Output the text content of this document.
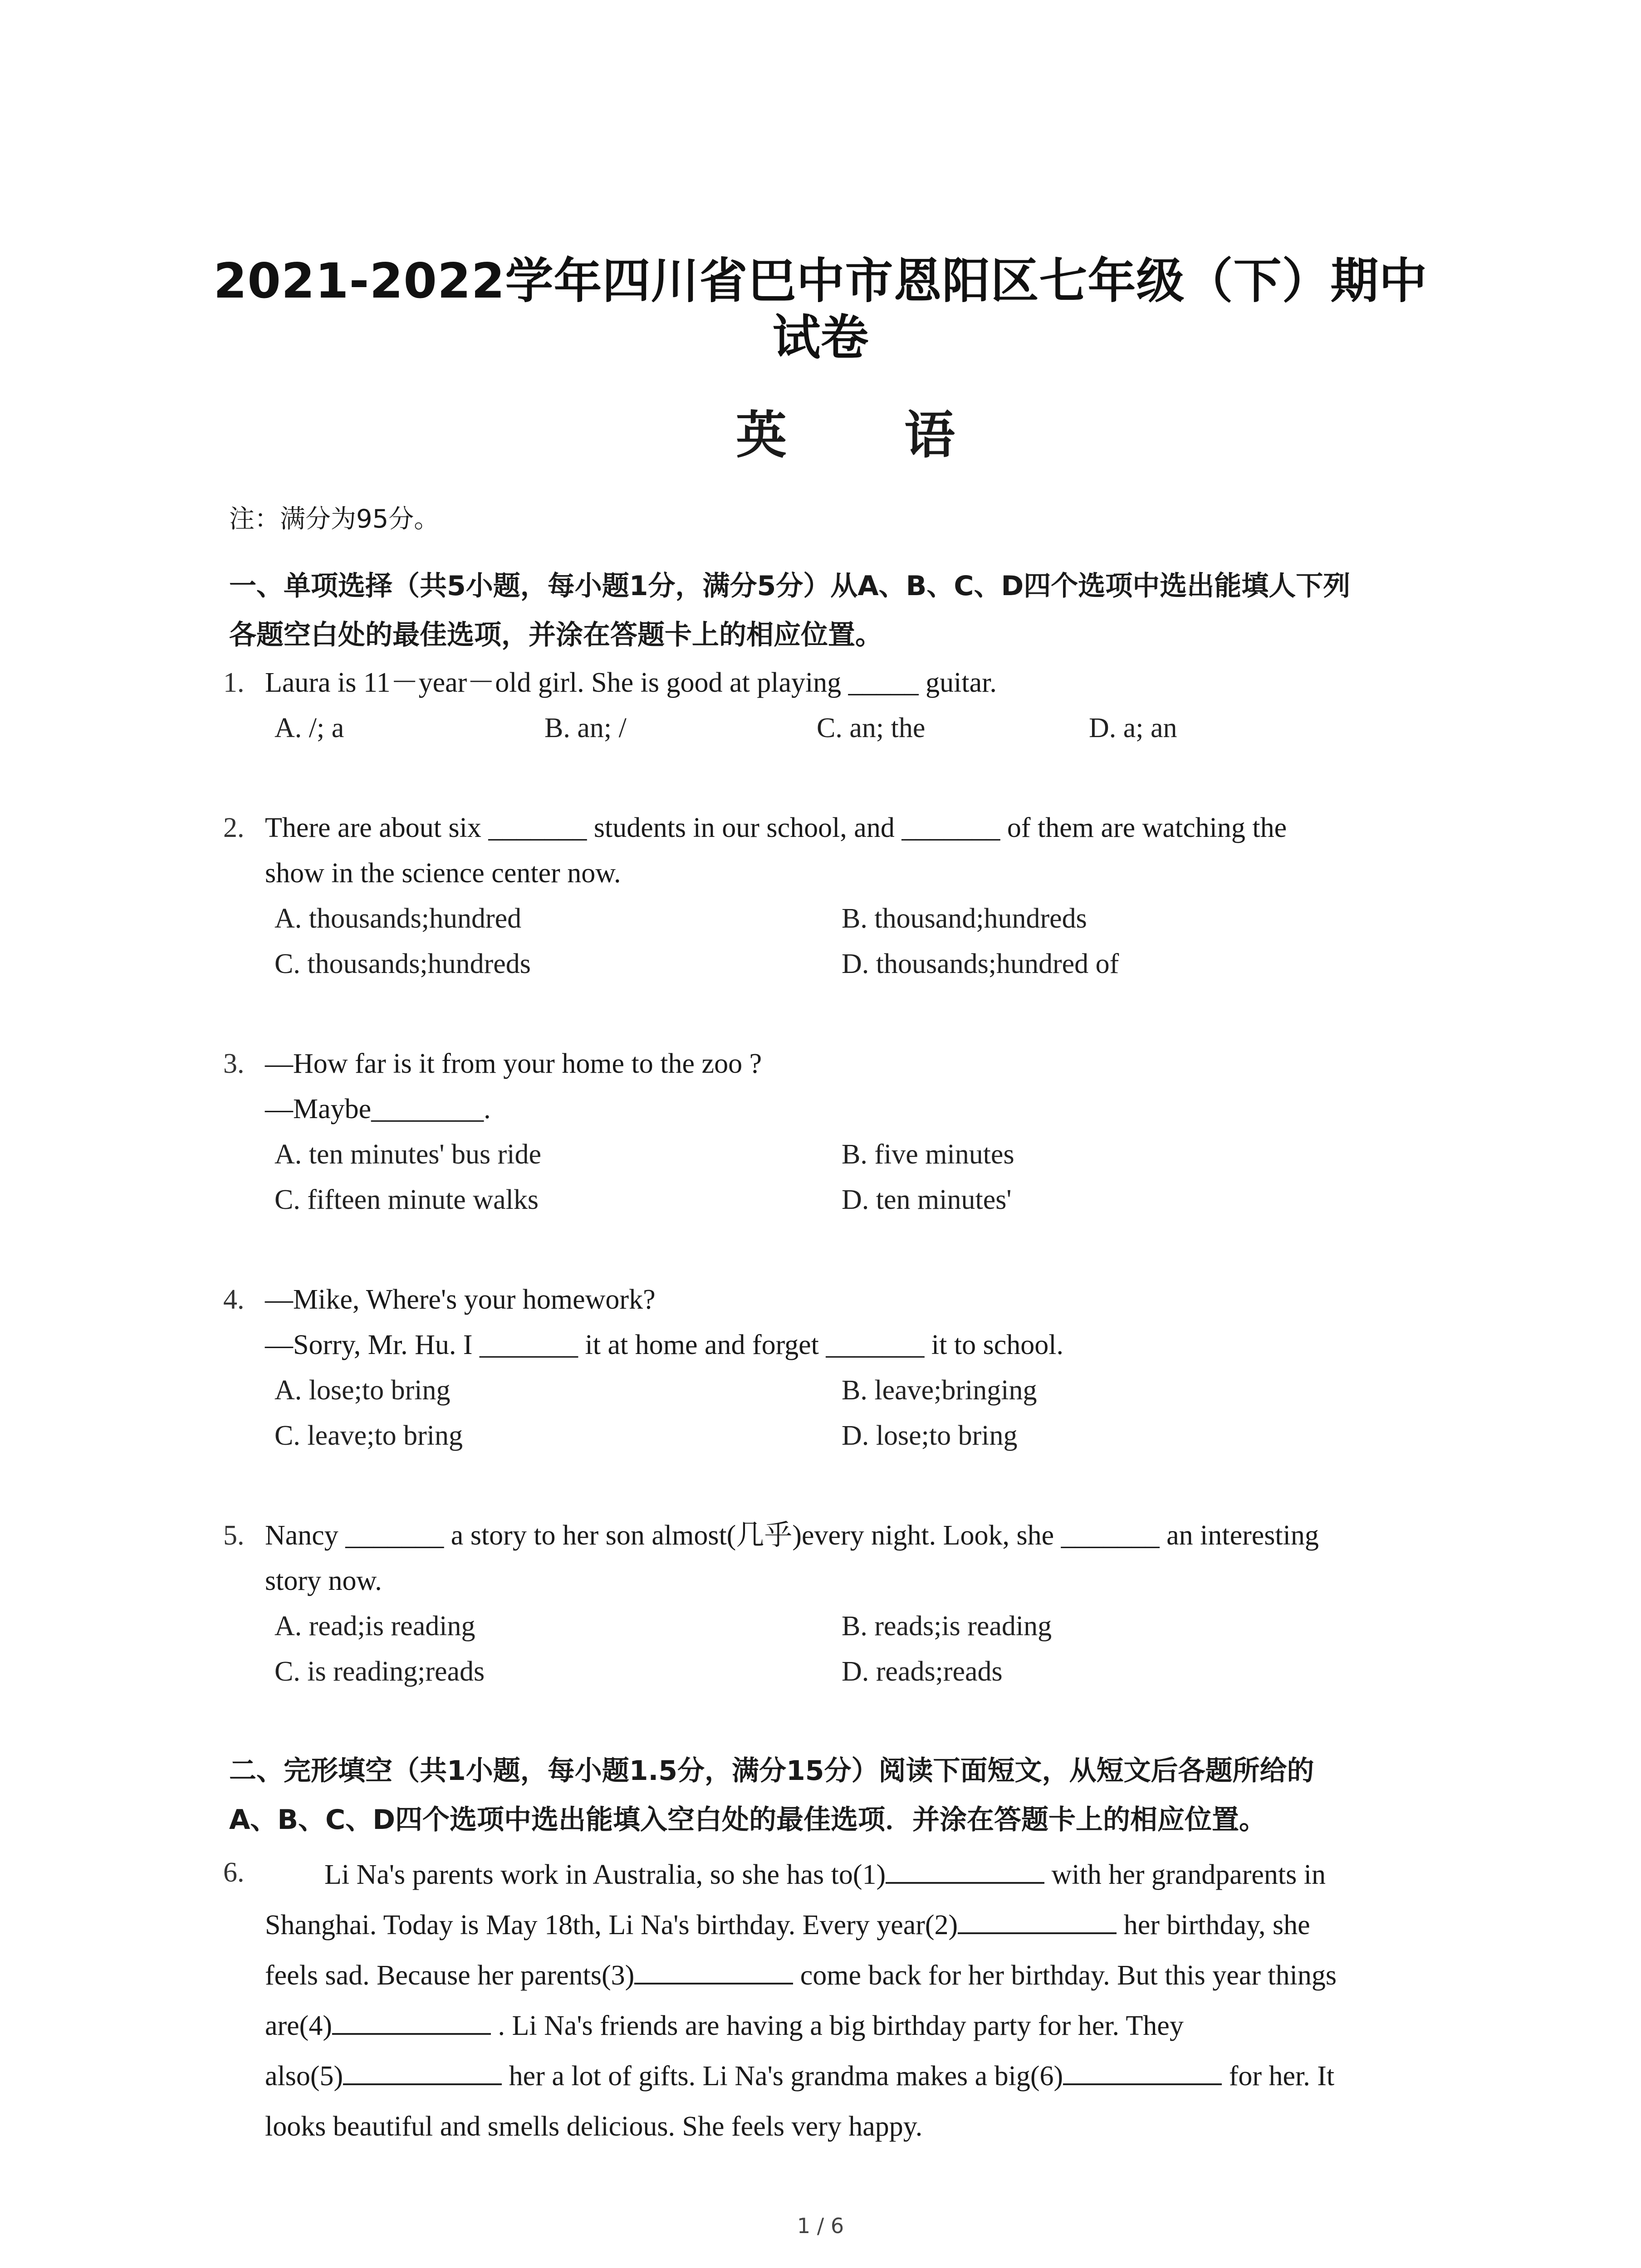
2021-2022学年四川省巴中市恩阳区七年级（下）期中
试卷
英 语
注：满分为95分。
一、单项选择（共5小题，每小题1分，满分5分）从A、B、C、D四个选项中选出能填人下列
各题空白处的最佳选项，并涂在答题卡上的相应位置。
1. Laura is 11－year－old girl. She is good at playing _____ guitar.
A. /; a	B. an; /	C. an; the	D. a; an
2. There are about six _______ students in our school, and _______ of them are watching the
show in the science center now.
A. thousands;hundred	B. thousand;hundreds
C. thousands;hundreds	D. thousands;hundred of
3. —How far is it from your home to the zoo ?
—Maybe________.
A. ten minutes' bus ride	B. five minutes
C. fifteen minute walks	D. ten minutes'
4. —Mike, Where's your homework?
—Sorry, Mr. Hu. I _______ it at home and forget _______ it to school.
A. lose;to bring	B. leave;bringing
C. leave;to bring	D. lose;to bring
5. Nancy _______ a story to her son almost(几乎)every night. Look, she _______ an interesting
story now.
A. read;is reading	B. reads;is reading
C. is reading;reads	D. reads;reads
二、完形填空（共1小题，每小题1.5分，满分15分）阅读下面短文，从短文后各题所给的
A、B、C、D四个选项中选出能填入空白处的最佳选项．并涂在答题卡上的相应位置。
6.	Li Na's parents work in Australia, so she has to(1)	with her grandparents in
Shanghai. Today is May 18th, Li Na's birthday. Every year(2)	her birthday, she
feels sad. Because her parents(3)	come back for her birthday. But this year things
are(4)	. Li Na's friends are having a big birthday party for her. They
also(5)	her a lot of gifts. Li Na's grandma makes a big(6)	for her. It
looks beautiful and smells delicious. She feels very happy.
1 / 6
